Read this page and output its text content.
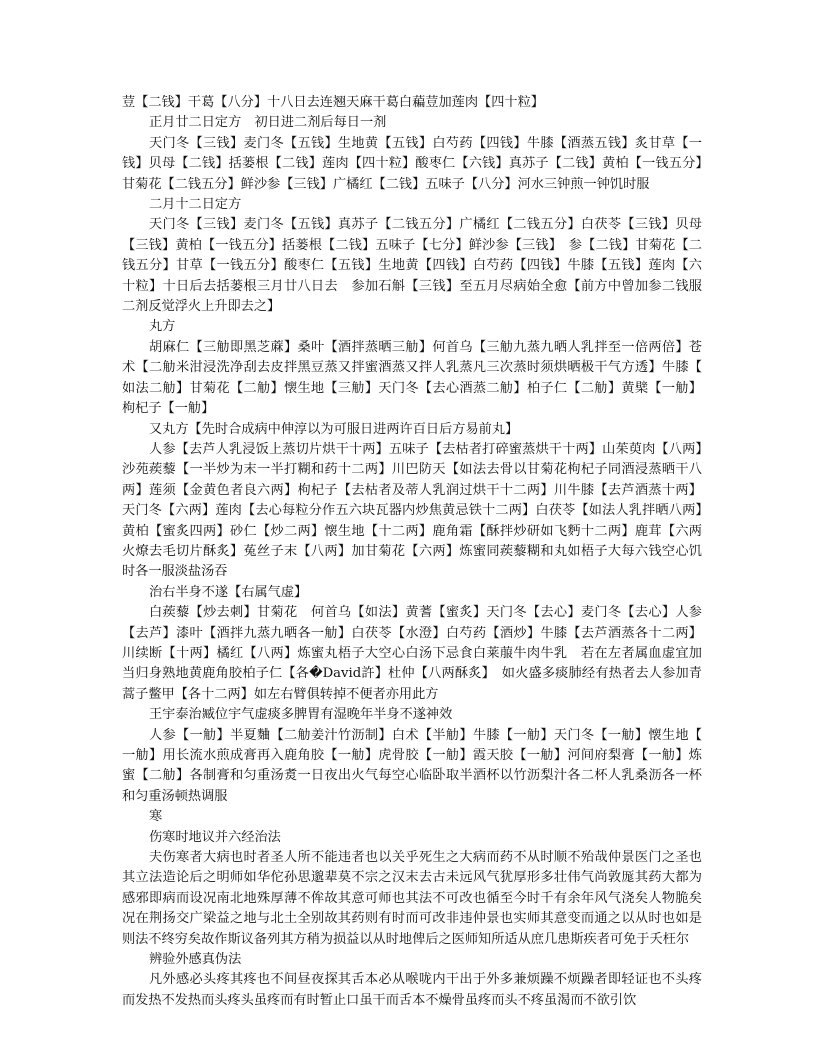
荳【二钱】干葛【八分】十八日去连翘天麻干葛白藊荳加莲肉【四十粒】

正月廿二日定方　初日进二剂后每日一剂

天门冬【三钱】麦门冬【五钱】生地黄【五钱】白芍药【四钱】牛膝【酒蒸五钱】炙甘草【一钱】贝母【二钱】括蒌根【二钱】莲肉【四十粒】酸枣仁【六钱】真苏子【二钱】黄柏【一钱五分】甘菊花【二钱五分】鲜沙参【三钱】广橘红【二钱】五味子【八分】河水三钟煎一钟饥时服

二月十二日定方

天门冬【三钱】麦门冬【五钱】真苏子【二钱五分】广橘红【二钱五分】白茯苓【三钱】贝母【三钱】黄柏【一钱五分】括蒌根【二钱】五味子【七分】鲜沙参【三钱】　参【二钱】甘菊花【二钱五分】甘草【一钱五分】酸枣仁【五钱】生地黄【四钱】白芍药【四钱】牛膝【五钱】莲肉【六十粒】十日后去括蒌根三月廿八日去　参加石斛【三钱】至五月尽病始全愈【前方中曾加参二钱服二剂反觉浮火上升即去之】

丸方

胡麻仁【三觔即黑芝蔴】桑叶【酒拌蒸晒三觔】何首乌【三觔九蒸九晒人乳拌至一倍两倍】苍术【二觔米泔浸洗净刮去皮拌黑豆蒸又拌蜜酒蒸又拌人乳蒸凡三次蒸时须烘晒极干气方透】牛膝【如法二觔】甘菊花【二觔】懐生地【三觔】天门冬【去心酒蒸二觔】柏子仁【二觔】黄檗【一觔】枸杞子【一觔】

又丸方【先时合成病中伸淳以为可服日进两许百日后方易前丸】

人参【去芦人乳浸饭上蒸切片烘干十两】五味子【去枯者打碎蜜蒸烘干十两】山茱萸肉【八两】沙苑蒺藜【一半炒为末一半打糊和药十二两】川巴防天【如法去骨以甘菊花枸杞子同酒浸蒸晒干八两】莲须【金黄色者良六两】枸杞子【去枯者及蒂人乳润过烘干十二两】川牛膝【去芦酒蒸十两】天门冬【六两】莲肉【去心每粒分作五六块瓦器内炒焦黄忌铁十二两】白茯苓【如法人乳拌晒八两】黄柏【蜜炙四两】砂仁【炒二两】懐生地【十二两】鹿角霜【酥拌炒研如飞麪十二两】鹿茸【六两火燎去毛切片酥炙】菟丝子末【八两】加甘菊花【六两】炼蜜同蒺藜糊和丸如梧子大每六钱空心饥时各一服淡盐汤吞

治右半身不遂【右属气虚】

白蒺藜【炒去刺】甘菊花　何首乌【如法】黄蓍【蜜炙】天门冬【去心】麦门冬【去心】人参【去芦】漆叶【酒拌九蒸九晒各一觔】白茯苓【水澄】白芍药【酒炒】牛膝【去芦酒蒸各十二两】川续断【十两】橘红【八两】炼蜜丸梧子大空心白汤下忌食白莱菔牛肉牛乳　若在左者属血虚宜加当归身熟地黄鹿角胶柏子仁【各�David許】杜仲【八两酥炙】　如火盛多痰肺经有热者去人参加青蒿子鳖甲【各十二两】如左右臂俱转掉不便者亦用此方

王宇泰治臧位宇气虚痰多脾胃有湿晚年半身不遂神效

人参【一觔】半夏麯【二觔姜汁竹沥制】白术【半觔】牛膝【一觔】天门冬【一觔】懐生地【一觔】用长流水煎成膏再入鹿角胶【一觔】虎骨胶【一觔】霞天胶【一觔】河间府梨膏【一觔】炼蜜【二觔】各制膏和匀重汤煑一日夜出火气每空心临卧取半酒杯以竹沥梨汁各二杯人乳桑沥各一杯和匀重汤顿热调服

寒

伤寒时地议并六经治法

夫伤寒者大病也时者圣人所不能违者也以关乎死生之大病而药不从时顺不殆哉仲景医门之圣也其立法造论后之明师如华佗孙思邈辈莫不宗之汉末去古未远风气犹厚形多壮伟气尚敦厖其药大都为感邪即病而设况南北地殊厚薄不侔故其意可师也其法不可改也循至今时千有余年风气浇矣人物脆矣况在荆扬交广梁益之地与北土全别故其药则有时而可改非违仲景也实师其意变而通之以从时也如是则法不终穷矣故作斯议备列其方稍为损益以从时地俾后之医师知所适从庶几患斯疾者可免于夭枉尔

辨验外感真伪法

凡外感必头疼其疼也不间昼夜探其舌本必从喉咙内干出于外多兼烦躁不烦躁者即轻证也不头疼而发热不发热而头疼头虽疼而有时暂止口虽干而舌本不燥骨虽疼而头不疼虽渴而不欲引饮
